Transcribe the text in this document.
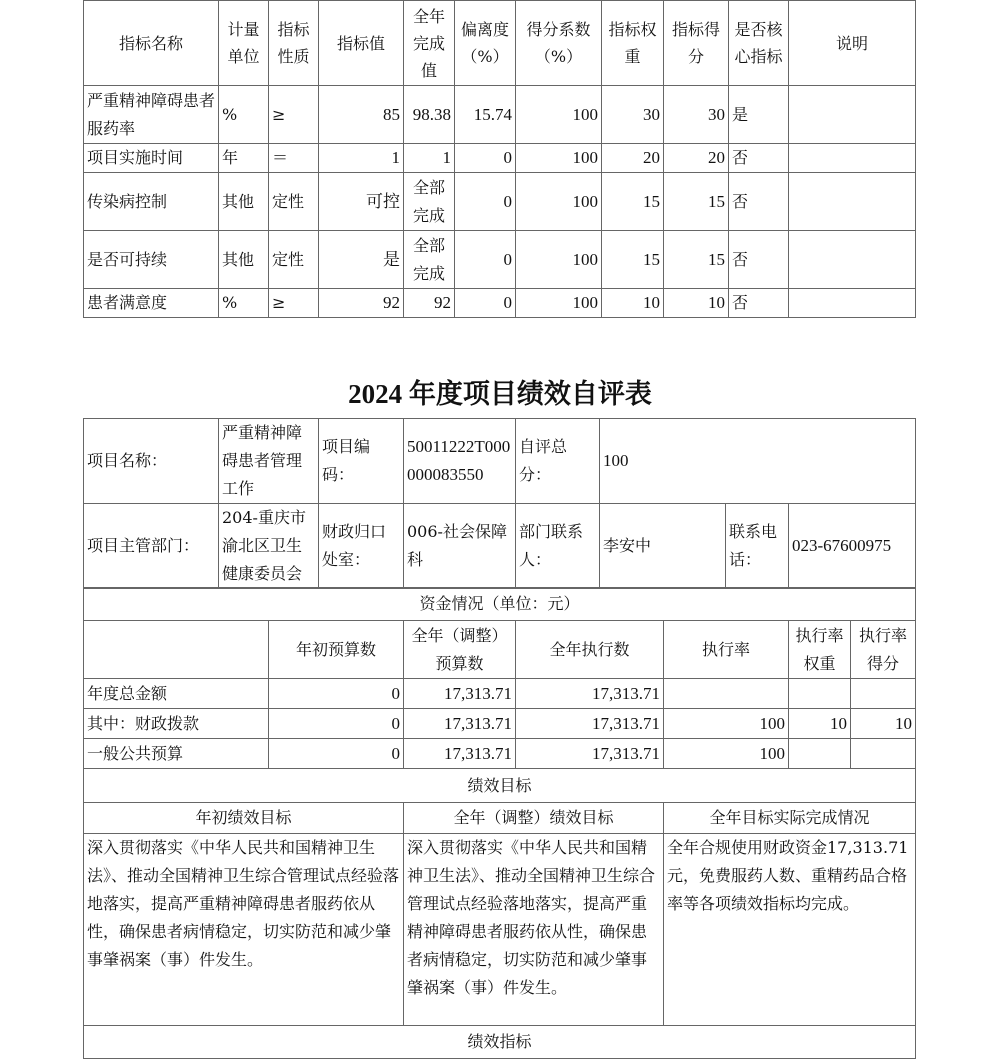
指标名称	计量单位	指标性质	指标值	全年完成值	偏离度（%）	得分系数（%）	指标权重	指标得分	是否核心指标	说明
严重精神障碍患者服药率	%	≥	85	98.38	15.74	100	30	30	是	
项目实施时间	年	＝	1	1	0	100	20	20	否	
传染病控制	其他	定性	可控	全部完成	0	100	15	15	否	
是否可持续	其他	定性	是	全部完成	0	100	15	15	否	
患者满意度	%	≥	92	92	0	100	10	10	否	
2024 年度项目绩效自评表
项目名称：	严重精神障碍患者管理工作	项目编码：	50011222T000000083550	自评总分：	100		
项目主管部门：	204-重庆市渝北区卫生健康委员会	财政归口处室：	006-社会保障科	部门联系人：	李安中	联系电话：	023-67600975
资金情况（单位：元）						
	年初预算数	全年（调整）预算数	全年执行数	执行率	执行率权重	执行率得分
年度总金额	0	17,313.71	17,313.71			
其中：财政拨款	0	17,313.71	17,313.71	100	10	10
一般公共预算	0	17,313.71	17,313.71	100		
绩效目标		
年初绩效目标	全年（调整）绩效目标	全年目标实际完成情况
深入贯彻落实《中华人民共和国精神卫生法》、推动全国精神卫生综合管理试点经验落地落实，提高严重精神障碍患者服药依从性，确保患者病情稳定，切实防范和减少肇事肇祸案（事）件发生。	深入贯彻落实《中华人民共和国精神卫生法》、推动全国精神卫生综合管理试点经验落地落实，提高严重精神障碍患者服药依从性，确保患者病情稳定，切实防范和减少肇事肇祸案（事）件发生。	全年合规使用财政资金17,313.71 元，免费服药人数、重精药品合格率等各项绩效指标均完成。
绩效指标		
